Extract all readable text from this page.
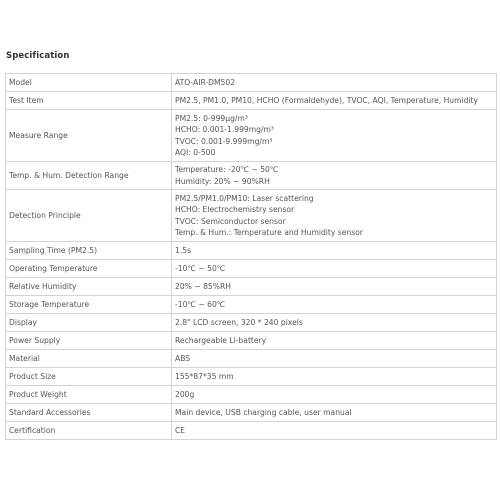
Specification
Model	ATO-AIR-DM502

Test Item	PM2.5, PM1.0, PM10, HCHO (Formaldehyde), TVOC, AQI, Temperature, Humidity

Measure Range	PM2.5: 0-999μg/m³
HCHO: 0.001-1.999mg/m³
TVOC: 0.001-9.999mg/m³
AQI: 0-500

Temp. & Hum. Detection Range	Temperature: -20℃ ~ 50℃
Humidity: 20% ~ 90%RH

Detection Principle	PM2.5/PM1.0/PM10: Laser scattering
HCHO: Electrochemistry sensor
TVOC: Semiconductor sensor
Temp. & Hum.: Temperature and Humidity sensor

Sampling Time (PM2.5)	1.5s

Operating Temperature	-10℃ ~ 50℃

Relative Humidity	20% ~ 85%RH

Storage Temperature	-10℃ ~ 60℃

Display	2.8" LCD screen, 320 * 240 pixels

Power Supply	Rechargeable Li-battery

Material	ABS

Product Size	155*87*35 mm

Product Weight	200g

Standard Accessories	Main device, USB charging cable, user manual

Certification	CE
